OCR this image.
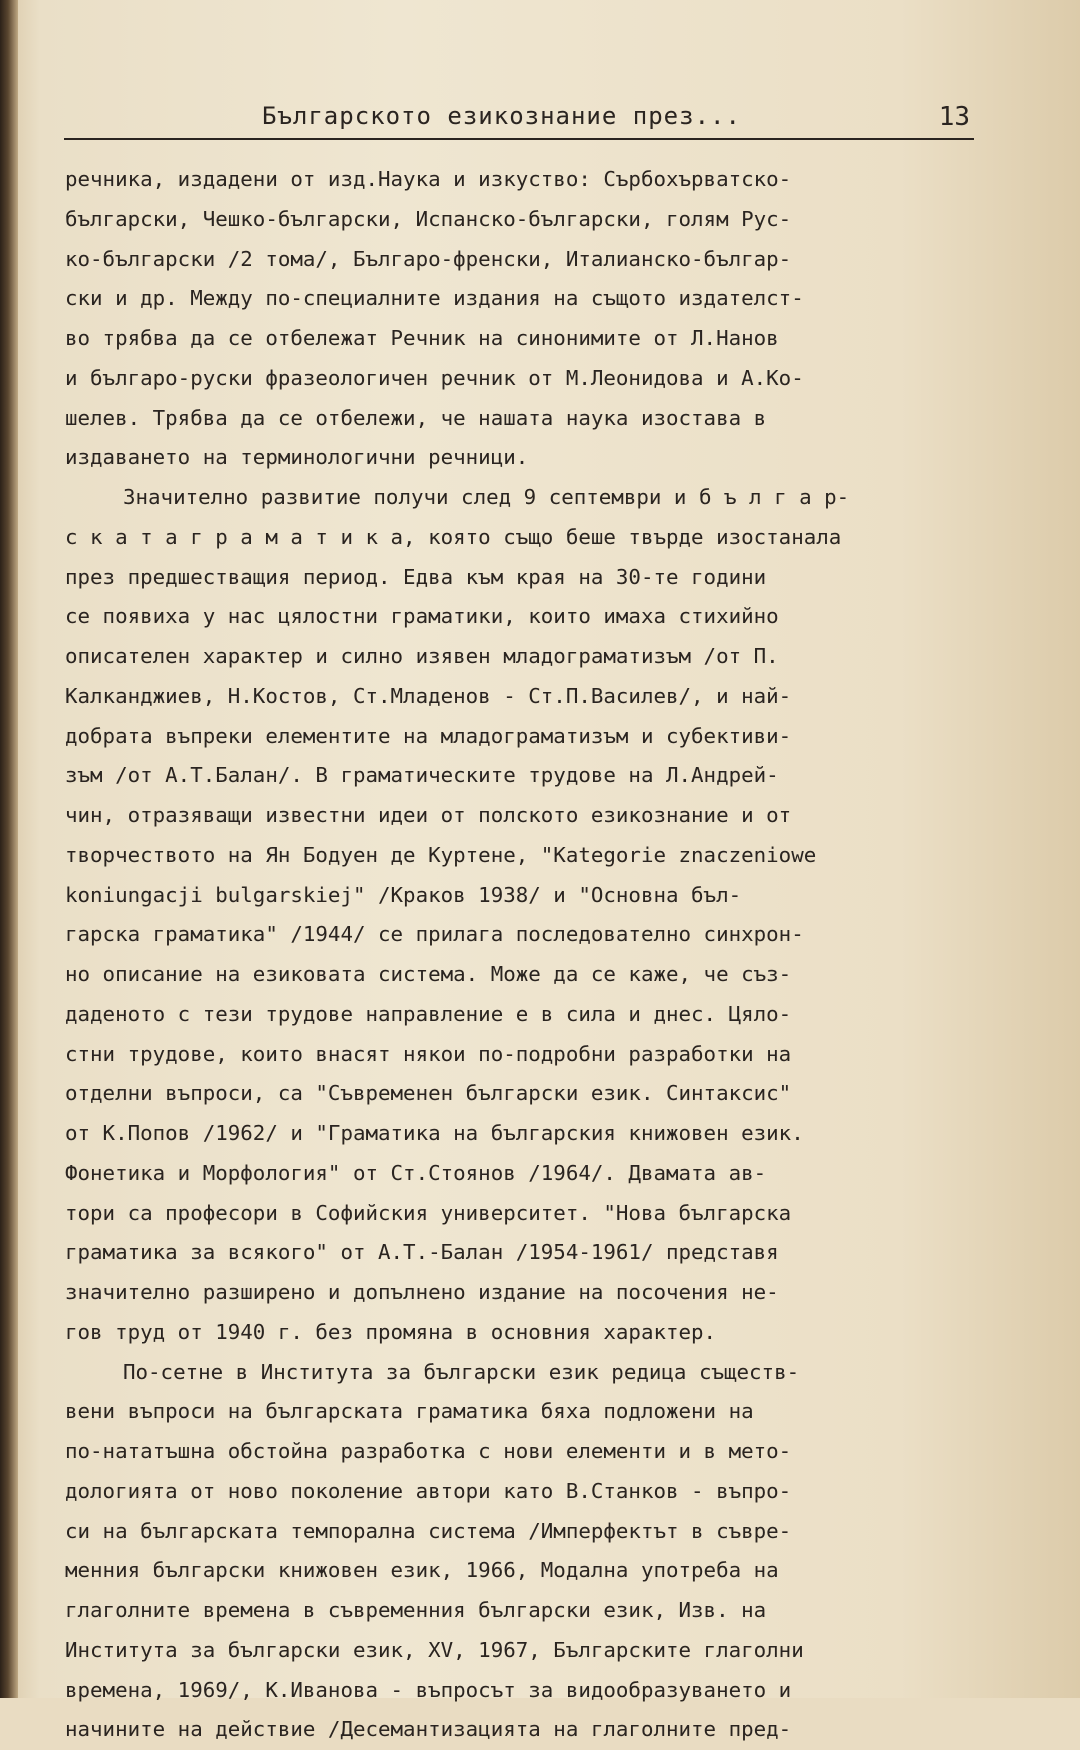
Българското езикознание през...	13
речника, издадени от изд.Наука и изкуство: Сърбохърватско-
български, Чешко-български, Испанско-български, голям Рус-
ко-български /2 тома/, Българо-френски, Италианско-българ-
ски и др. Между по-специалните издания на същото издателст-
во трябва да се отбележат Речник на синонимите от Л.Нанов
и българо-руски фразеологичен речник от М.Леонидова и А.Ко-
шелев. Трябва да се отбележи, че нашата наука изостава в
издаването на терминологични речници.
Значително развитие получи след 9 септември и б ъ л г а р-
с к а т а г р а м а т и к а, която също беше твърде изостанала
през предшестващия период. Едва към края на 30-те години
се появиха у нас цялостни граматики, които имаха стихийно
описателен характер и силно изявен младограматизъм /от П.
Калканджиев, Н.Костов, Ст.Младенов - Ст.П.Василев/, и най-
добрата въпреки елементите на младограматизъм и субективи-
зъм /от А.Т.Балан/. В граматическите трудове на Л.Андрей-
чин, отразяващи известни идеи от полското езикознание и от
творчеството на Ян Бодуен де Куртене, "Kategorie znaczeniowe
koniungacji bulgarskiej" /Краков 1938/ и "Основна бъл-
гарска граматика" /1944/ се прилага последователно синхрон-
но описание на езиковата система. Може да се каже, че съз-
даденото с тези трудове направление е в сила и днес. Цяло-
стни трудове, които внасят някои по-подробни разработки на
отделни въпроси, са "Съвременен български език. Синтаксис"
от К.Попов /1962/ и "Граматика на българския книжовен език.
Фонетика и Морфология" от Ст.Стоянов /1964/. Двамата ав-
тори са професори в Софийския университет. "Нова българска
граматика за всякого" от А.Т.-Балан /1954-1961/ представя
значително разширено и допълнено издание на посочения не-
гов труд от 1940 г. без промяна в основния характер.
По-сетне в Института за български език редица съществ-
вени въпроси на българската граматика бяха подложени на
по-нататъшна обстойна разработка с нови елементи и в мето-
дологията от ново поколение автори като В.Станков - въпро-
си на българската темпорална система /Имперфектът в съвре-
менния български книжовен език, 1966, Модална употреба на
глаголните времена в съвременния български език, Изв. на
Института за български език, XV, 1967, Българските глаголни
времена, 1969/, К.Иванова - въпросът за видообразуването и
начините на действие /Десемантизацията на глаголните пред-
